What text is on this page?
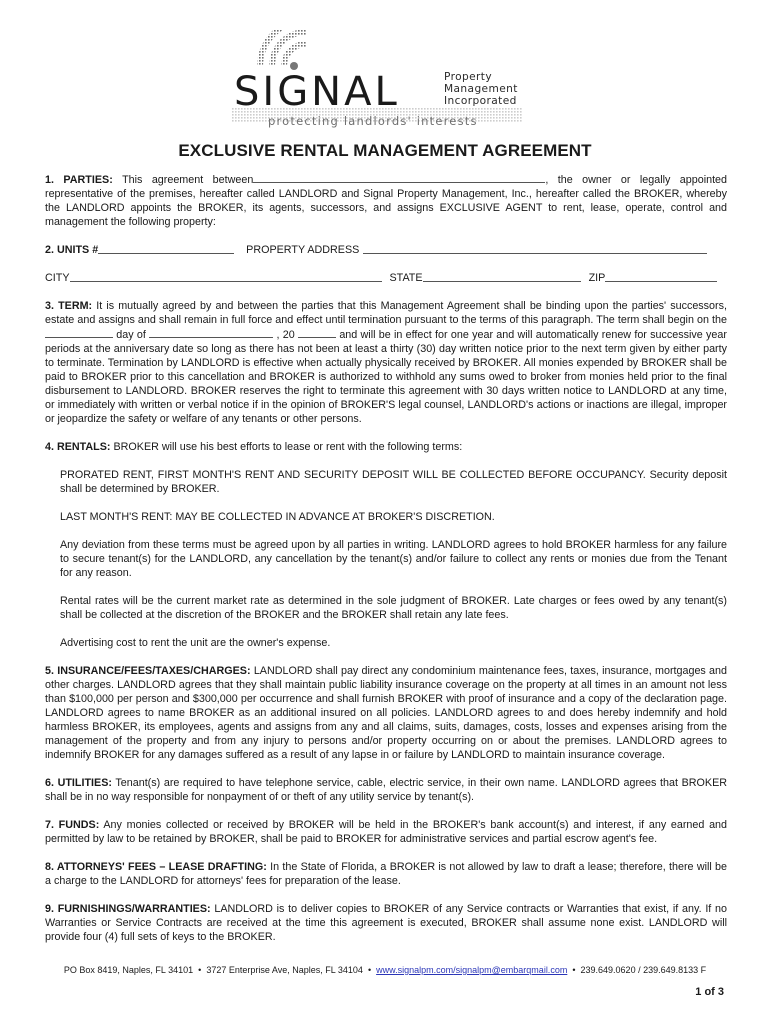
SIGNAL	Property
Management
Incorporated
protecting landlords' interests
EXCLUSIVE RENTAL MANAGEMENT AGREEMENT

1. PARTIES: This agreement between	, the owner or legally appointed representative of the premises, hereafter called LANDLORD and Signal Property Management, Inc., hereafter called the BROKER, whereby the LANDLORD appoints the BROKER, its agents, successors, and assigns EXCLUSIVE AGENT to rent, lease, operate, control and management the following property:

2. UNITS #	PROPERTY ADDRESS
CITY	STATE	ZIP

3. TERM: It is mutually agreed by and between the parties that this Management Agreement shall be binding upon the parties' successors, estate and assigns and shall remain in full force and effect until termination pursuant to the terms of this paragraph. The term shall begin on the  day of	, 20	and will be in effect for one year and will automatically renew for successive year periods at the anniversary date so long as there has not been at least a thirty (30) day written notice prior to the next term given by either party to terminate. Termination by LANDLORD is effective when actually physically received by BROKER. All monies expended by BROKER shall be paid to BROKER prior to this cancellation and BROKER is authorized to withhold any sums owed to broker from monies held prior to the final disbursement to LANDLORD. BROKER reserves the right to terminate this agreement with 30 days written notice to LANDLORD at any time, or immediately with written or verbal notice if in the opinion of BROKER'S legal counsel, LANDLORD's actions or inactions are illegal, improper or jeopardize the safety or welfare of any tenants or other persons.

4. RENTALS: BROKER will use his best efforts to lease or rent with the following terms:

PRORATED RENT, FIRST MONTH'S RENT AND SECURITY DEPOSIT WILL BE COLLECTED BEFORE OCCUPANCY. Security deposit shall be determined by BROKER.

LAST MONTH'S RENT: MAY BE COLLECTED IN ADVANCE AT BROKER'S DISCRETION.

Any deviation from these terms must be agreed upon by all parties in writing. LANDLORD agrees to hold BROKER harmless for any failure to secure tenant(s) for the LANDLORD, any cancellation by the tenant(s) and/or failure to collect any rents or monies due from the Tenant for any reason.

Rental rates will be the current market rate as determined in the sole judgment of BROKER. Late charges or fees owed by any tenant(s) shall be collected at the discretion of the BROKER and the BROKER shall retain any late fees.

Advertising cost to rent the unit are the owner's expense.

5. INSURANCE/FEES/TAXES/CHARGES: LANDLORD shall pay direct any condominium maintenance fees, taxes, insurance, mortgages and other charges. LANDLORD agrees that they shall maintain public liability insurance coverage on the property at all times in an amount not less than $100,000 per person and $300,000 per occurrence and shall furnish BROKER with proof of insurance and a copy of the declaration page. LANDLORD agrees to name BROKER as an additional insured on all policies. LANDLORD agrees to and does hereby indemnify and hold harmless BROKER, its employees, agents and assigns from any and all claims, suits, damages, costs, losses and expenses arising from the management of the property and from any injury to persons and/or property occurring on or about the premises. LANDLORD agrees to indemnify BROKER for any damages suffered as a result of any lapse in or failure by LANDLORD to maintain insurance coverage.

6. UTILITIES: Tenant(s) are required to have telephone service, cable, electric service, in their own name. LANDLORD agrees that BROKER shall be in no way responsible for nonpayment of or theft of any utility service by tenant(s).

7. FUNDS: Any monies collected or received by BROKER will be held in the BROKER's bank account(s) and interest, if any earned and permitted by law to be retained by BROKER, shall be paid to BROKER for administrative services and partial escrow agent's fee.

8. ATTORNEYS' FEES – LEASE DRAFTING: In the State of Florida, a BROKER is not allowed by law to draft a lease; therefore, there will be a charge to the LANDLORD for attorneys' fees for preparation of the lease.

9. FURNISHINGS/WARRANTIES: LANDLORD is to deliver copies to BROKER of any Service contracts or Warranties that exist, if any. If no Warranties or Service Contracts are received at the time this agreement is executed, BROKER shall assume none exist. LANDLORD will provide four (4) full sets of keys to the BROKER.

PO Box 8419, Naples, FL 34101 • 3727 Enterprise Ave, Naples, FL 34104 • www.signalpm.com/signalpm@embarqmail.com • 239.649.0620 / 239.649.8133 F
1 of 3
